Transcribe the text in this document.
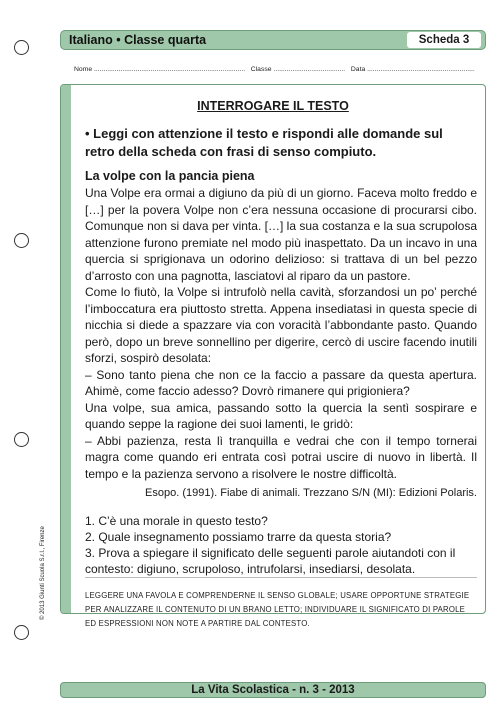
Italiano • Classe quarta	Scheda 3
Nome ................................................................................ Classe ...................................... Data .........................................................
INTERROGARE IL TESTO
• Leggi con attenzione il testo e rispondi alle domande sul retro della scheda con frasi di senso compiuto.
La volpe con la pancia piena

Una Volpe era ormai a digiuno da più di un giorno. Faceva molto freddo e […] per la povera Volpe non c’era nessuna occasione di procurarsi cibo. Comunque non si dava per vinta. […] la sua costanza e la sua scrupolosa attenzione furono premiate nel modo più inaspettato. Da un incavo in una quercia si sprigionava un odorino delizioso: si trattava di un bel pezzo d’arrosto con una pagnotta, lasciatovi al riparo da un pastore.

Come lo fiutò, la Volpe si intrufolò nella cavità, sforzandosi un po’ perché l’imboccatura era piuttosto stretta. Appena insediatasi in questa specie di nicchia si diede a spazzare via con voracità l’abbondante pasto. Quando però, dopo un breve sonnellino per digerire, cercò di uscire facendo inutili sforzi, sospirò desolata:

– Sono tanto piena che non ce la faccio a passare da questa apertura. Ahimè, come faccio adesso? Dovrò rimanere qui prigioniera?

Una volpe, sua amica, passando sotto la quercia la sentì sospirare e quando seppe la ragione dei suoi lamenti, le gridò:

– Abbi pazienza, resta lì tranquilla e vedrai che con il tempo tornerai magra come quando eri entrata così potrai uscire di nuovo in libertà. Il tempo e la pazienza servono a risolvere le nostre difficoltà.

Esopo. (1991). Fiabe di animali. Trezzano S/N (MI): Edizioni Polaris.
1. C’è una morale in questo testo?
2. Quale insegnamento possiamo trarre da questa storia?
3. Prova a spiegare il significato delle seguenti parole aiutandoti con il contesto: digiuno, scrupoloso, intrufolarsi, insediarsi, desolata.
LEGGERE UNA FAVOLA E COMPRENDERNE IL SENSO GLOBALE; USARE OPPORTUNE STRATEGIE PER ANALIZZARE IL CONTENUTO DI UN BRANO LETTO; INDIVIDUARE IL SIGNIFICATO DI PAROLE ED ESPRESSIONI NON NOTE A PARTIRE DAL CONTESTO.
© 2013 Giunti Scuola S.r.l., Firenze
La Vita Scolastica - n. 3 - 2013
